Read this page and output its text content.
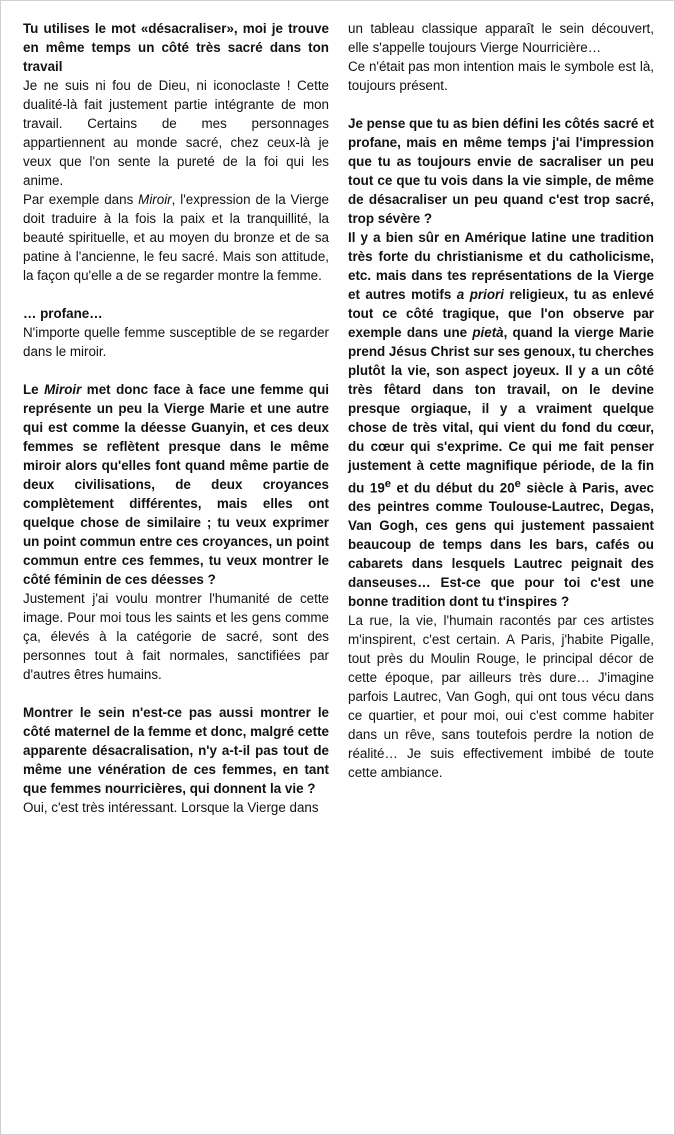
Tu utilises le mot «désacraliser», moi je trouve en même temps un côté très sacré dans ton travail

Je ne suis ni fou de Dieu, ni iconoclaste ! Cette dualité-là fait justement partie intégrante de mon travail. Certains de mes personnages appartiennent au monde sacré, chez ceux-là je veux que l'on sente la pureté de la foi qui les anime.

Par exemple dans Miroir, l'expression de la Vierge doit traduire à la fois la paix et la tranquillité, la beauté spirituelle, et au moyen du bronze et de sa patine à l'ancienne, le feu sacré. Mais son attitude, la façon qu'elle a de se regarder montre la femme.

… profane…

N'importe quelle femme susceptible de se regarder dans le miroir.

Le Miroir met donc face à face une femme qui représente un peu la Vierge Marie et une autre qui est comme la déesse Guanyin, et ces deux femmes se reflètent presque dans le même miroir alors qu'elles font quand même partie de deux civilisations, de deux croyances complètement différentes, mais elles ont quelque chose de similaire ; tu veux exprimer un point commun entre ces croyances, un point commun entre ces femmes, tu veux montrer le côté féminin de ces déesses ?

Justement j'ai voulu montrer l'humanité de cette image. Pour moi tous les saints et les gens comme ça, élevés à la catégorie de sacré, sont des personnes tout à fait normales, sanctifiées par d'autres êtres humains.

Montrer le sein n'est-ce pas aussi montrer le côté maternel de la femme et donc, malgré cette apparente désacralisation, n'y a-t-il pas tout de même une vénération de ces femmes, en tant que femmes nourricières, qui donnent la vie ?

Oui, c'est très intéressant. Lorsque la Vierge dans

un tableau classique apparaît le sein découvert, elle s'appelle toujours Vierge Nourricière…

Ce n'était pas mon intention mais le symbole est là, toujours présent.

Je pense que tu as bien défini les côtés sacré et profane, mais en même temps j'ai l'impression que tu as toujours envie de sacraliser un peu tout ce que tu vois dans la vie simple, de même de désacraliser un peu quand c'est trop sacré, trop sévère ?

Il y a bien sûr en Amérique latine une tradition très forte du christianisme et du catholicisme, etc. mais dans tes représentations de la Vierge et autres motifs a priori religieux, tu as enlevé tout ce côté tragique, que l'on observe par exemple dans une pietà, quand la vierge Marie prend Jésus Christ sur ses genoux, tu cherches plutôt la vie, son aspect joyeux. Il y a un côté très fêtard dans ton travail, on le devine presque orgiaque, il y a vraiment quelque chose de très vital, qui vient du fond du cœur, du cœur qui s'exprime. Ce qui me fait penser justement à cette magnifique période, de la fin du 19e et du début du 20e siècle à Paris, avec des peintres comme Toulouse-Lautrec, Degas, Van Gogh, ces gens qui justement passaient beaucoup de temps dans les bars, cafés ou cabarets dans lesquels Lautrec peignait des danseuses… Est-ce que pour toi c'est une bonne tradition dont tu t'inspires ?

La rue, la vie, l'humain racontés par ces artistes m'inspirent, c'est certain. A Paris, j'habite Pigalle, tout près du Moulin Rouge, le principal décor de cette époque, par ailleurs très dure… J'imagine parfois Lautrec, Van Gogh, qui ont tous vécu dans ce quartier, et pour moi, oui c'est comme habiter dans un rêve, sans toutefois perdre la notion de réalité… Je suis effectivement imbibé de toute cette ambiance.
